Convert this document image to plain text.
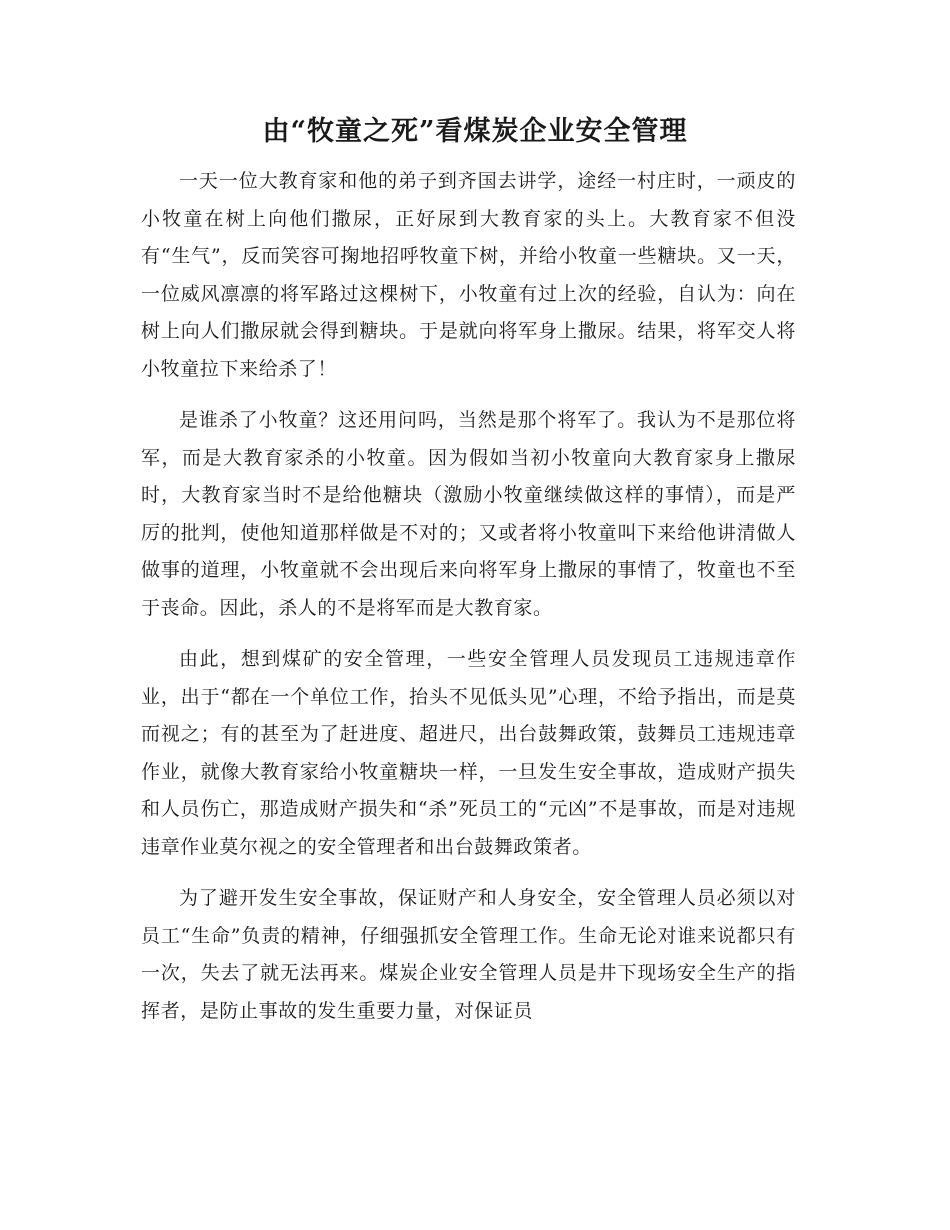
由“牧童之死”看煤炭企业安全管理

一天一位大教育家和他的弟子到齐国去讲学，途经一村庄时，一顽皮的小牧童在树上向他们撒尿，正好尿到大教育家的头上。大教育家不但没有“生气”，反而笑容可掬地招呼牧童下树，并给小牧童一些糖块。又一天，一位威风凛凛的将军路过这棵树下，小牧童有过上次的经验，自认为：向在树上向人们撒尿就会得到糖块。于是就向将军身上撒尿。结果，将军交人将小牧童拉下来给杀了！

是谁杀了小牧童？这还用问吗，当然是那个将军了。我认为不是那位将军，而是大教育家杀的小牧童。因为假如当初小牧童向大教育家身上撒尿时，大教育家当时不是给他糖块（激励小牧童继续做这样的事情），而是严厉的批判，使他知道那样做是不对的；又或者将小牧童叫下来给他讲清做人做事的道理，小牧童就不会出现后来向将军身上撒尿的事情了，牧童也不至于丧命。因此，杀人的不是将军而是大教育家。

由此，想到煤矿的安全管理，一些安全管理人员发现员工违规违章作业，出于“都在一个单位工作，抬头不见低头见”心理，不给予指出，而是莫而视之；有的甚至为了赶进度、超进尺，出台鼓舞政策，鼓舞员工违规违章作业，就像大教育家给小牧童糖块一样，一旦发生安全事故，造成财产损失和人员伤亡，那造成财产损失和“杀”死员工的“元凶”不是事故，而是对违规违章作业莫尔视之的安全管理者和出台鼓舞政策者。

为了避开发生安全事故，保证财产和人身安全，安全管理人员必须以对员工“生命”负责的精神，仔细强抓安全管理工作。生命无论对谁来说都只有一次，失去了就无法再来。煤炭企业安全管理人员是井下现场安全生产的指挥者，是防止事故的发生重要力量，对保证员
